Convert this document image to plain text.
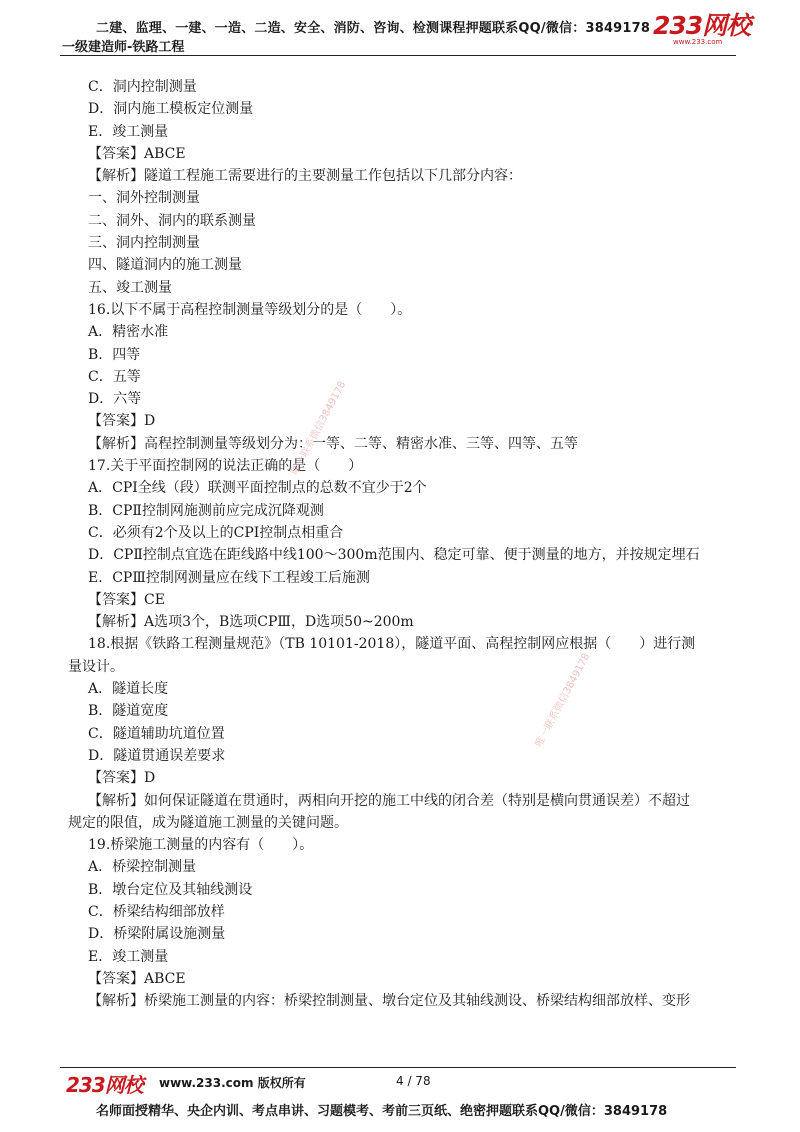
二建、监理、一建、一造、二造、安全、消防、咨询、检测课程押题联系QQ/微信：3849178
一级建造师-铁路工程
233网校
www.233.com
C．洞内控制测量
D．洞内施工模板定位测量
E．竣工测量
【答案】ABCE
【解析】隧道工程施工需要进行的主要测量工作包括以下几部分内容：
一、洞外控制测量
二、洞外、洞内的联系测量
三、洞内控制测量
四、隧道洞内的施工测量
五、竣工测量
16.以下不属于高程控制测量等级划分的是（　　）。
A．精密水准
B．四等
C．五等
D．六等
【答案】D
【解析】高程控制测量等级划分为：一等、二等、精密水准、三等、四等、五等
17.关于平面控制网的说法正确的是（　　）
A．CPⅠ全线（段）联测平面控制点的总数不宜少于2个
B．CPⅡ控制网施测前应完成沉降观测
C．必须有2个及以上的CPⅠ控制点相重合
D．CPⅡ控制点宜选在距线路中线100～300m范围内、稳定可靠、便于测量的地方，并按规定埋石
E．CPⅢ控制网测量应在线下工程竣工后施测
【答案】CE
【解析】A选项3个，B选项CPⅢ，D选项50~200m
18.根据《铁路工程测量规范》（TB 10101-2018），隧道平面、高程控制网应根据（　　）进行测
量设计。
A．隧道长度
B．隧道宽度
C．隧道辅助坑道位置
D．隧道贯通误差要求
【答案】D
【解析】如何保证隧道在贯通时，两相向开挖的施工中线的闭合差（特别是横向贯通误差）不超过
规定的限值，成为隧道施工测量的关键问题。
19.桥梁施工测量的内容有（　　）。
A．桥梁控制测量
B．墩台定位及其轴线测设
C．桥梁结构细部放样
D．桥梁附属设施测量
E．竣工测量
【答案】ABCE
【解析】桥梁施工测量的内容：桥梁控制测量、墩台定位及其轴线测设、桥梁结构细部放样、变形
唯一联系微信3849178
唯一联系微信3849178
233网校 www.233.com 版权所有	4 / 78
名师面授精华、央企内训、考点串讲、习题模考、考前三页纸、绝密押题联系QQ/微信：3849178
